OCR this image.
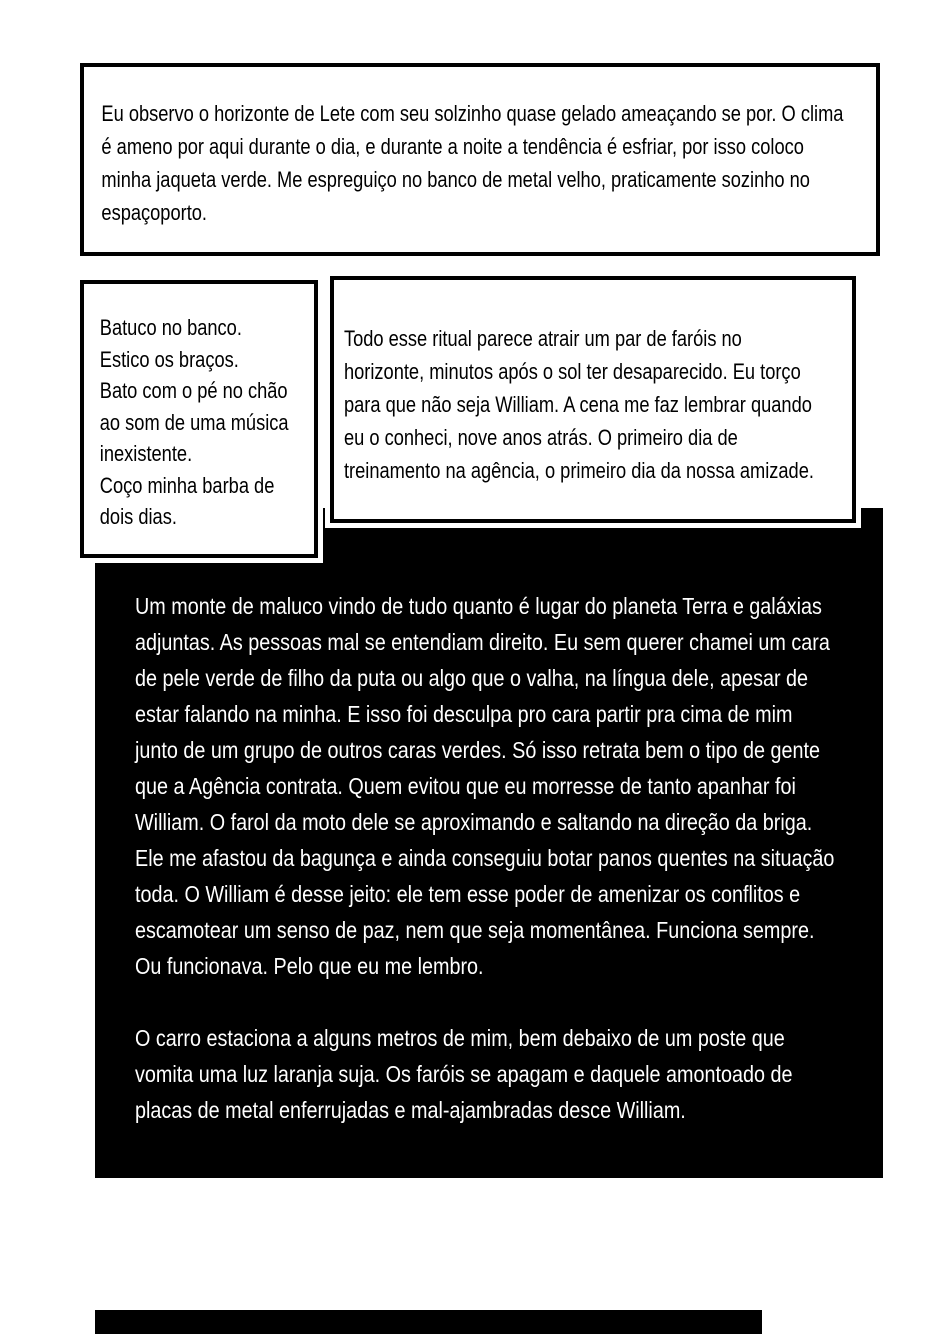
Eu observo o horizonte de Lete com seu solzinho quase gelado ameaçando se por. O clima
é ameno por aqui durante o dia, e durante a noite a tendência é esfriar, por isso coloco
minha jaqueta verde. Me espreguiço no banco de metal velho, praticamente sozinho no
espaçoporto.
Batuco no banco.
Estico os braços.
Bato com o pé no chão
ao som de uma música
inexistente.
Coço minha barba de
dois dias.
Todo esse ritual parece atrair um par de faróis no
horizonte, minutos após o sol ter desaparecido. Eu torço
para que não seja William. A cena me faz lembrar quando
eu o conheci, nove anos atrás. O primeiro dia de
treinamento na agência, o primeiro dia da nossa amizade.
Um monte de maluco vindo de tudo quanto é lugar do planeta Terra e galáxias
adjuntas. As pessoas mal se entendiam direito. Eu sem querer chamei um cara
de pele verde de filho da puta ou algo que o valha, na língua dele, apesar de
estar falando na minha. E isso foi desculpa pro cara partir pra cima de mim
junto de um grupo de outros caras verdes. Só isso retrata bem o tipo de gente
que a Agência contrata. Quem evitou que eu morresse de tanto apanhar foi
William. O farol da moto dele se aproximando e saltando na direção da briga.
Ele me afastou da bagunça e ainda conseguiu botar panos quentes na situação
toda. O William é desse jeito: ele tem esse poder de amenizar os conflitos e
escamotear um senso de paz, nem que seja momentânea. Funciona sempre.
Ou funcionava. Pelo que eu me lembro.
O carro estaciona a alguns metros de mim, bem debaixo de um poste que
vomita uma luz laranja suja. Os faróis se apagam e daquele amontoado de
placas de metal enferrujadas e mal-ajambradas desce William.
